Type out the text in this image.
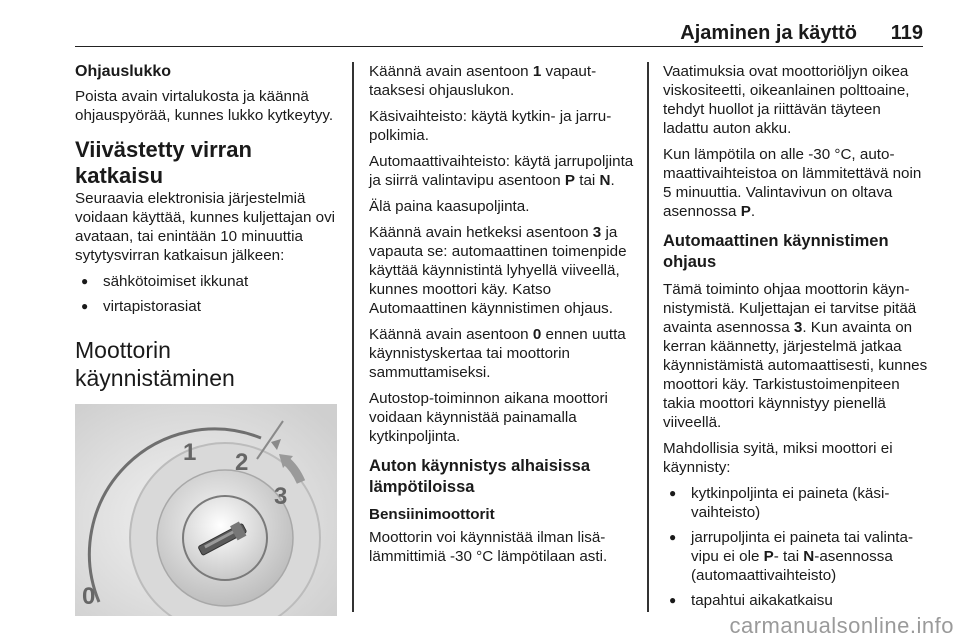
Ajaminen ja käyttö 119
Ohjauslukko

Poista avain virtalukosta ja käännä ohjauspyörää, kunnes lukko kytkeytyy.

Viivästetty virran katkaisu

Seuraavia elektronisia järjestelmiä voidaan käyttää, kunnes kuljettajan ovi avataan, tai enintään 10 minuuttia sytytysvirran katkaisun jälkeen:

● sähkötoimiset ikkunat
● virtapistorasiat
Moottorin käynnistäminen
1 2
3
0

Käännä avain asentoon 1 vapauttaaksesi ohjauslukon.

Käsivaihteisto: käytä kytkin- ja jarrupolkimia.

Automaattivaihteisto: käytä jarrupoljinta ja siirrä valintavipu asentoon P tai N.

Älä paina kaasupoljinta.

Käännä avain hetkeksi asentoon 3 ja vapauta se: automaattinen toimenpide käyttää käynnistintä lyhyellä viiveellä, kunnes moottori käy. Katso Automaattinen käynnistimen ohjaus.

Käännä avain asentoon 0 ennen uutta käynnistyskertaa tai moottorin sammuttamiseksi.

Autostop-toiminnon aikana moottori voidaan käynnistää painamalla kytkinpoljinta.

Auton käynnistys alhaisissa lämpötiloissa
Bensiinimoottorit

Moottorin voi käynnistää ilman lisälämmittimiä -30 °C lämpötilaan asti.

Vaatimuksia ovat moottoriöljyn oikea viskositeetti, oikeanlainen polttoaine, tehdyt huollot ja riittävän täyteen ladattu auton akku.

Kun lämpötila on alle -30 °C, automaattivaihteistoa on lämmitettävä noin 5 minuuttia. Valintavivun on oltava asennossa P.

Automaattinen käynnistimen ohjaus

Tämä toiminto ohjaa moottorin käynnistymistä. Kuljettajan ei tarvitse pitää avainta asennossa 3. Kun avainta on kerran käännetty, järjestelmä jatkaa käynnistämistä automaattisesti, kunnes moottori käy. Tarkistustoimenpiteen takia moottori käynnistyy pienellä viiveellä.

Mahdollisia syitä, miksi moottori ei käynnisty:

● kytkinpoljinta ei paineta (käsivaihteisto)
● jarrupoljinta ei paineta tai valintavipu ei ole P- tai N-asennossa (automaattivaihteisto)
● tapahtui aikakatkaisu
carmanualsonline.info
